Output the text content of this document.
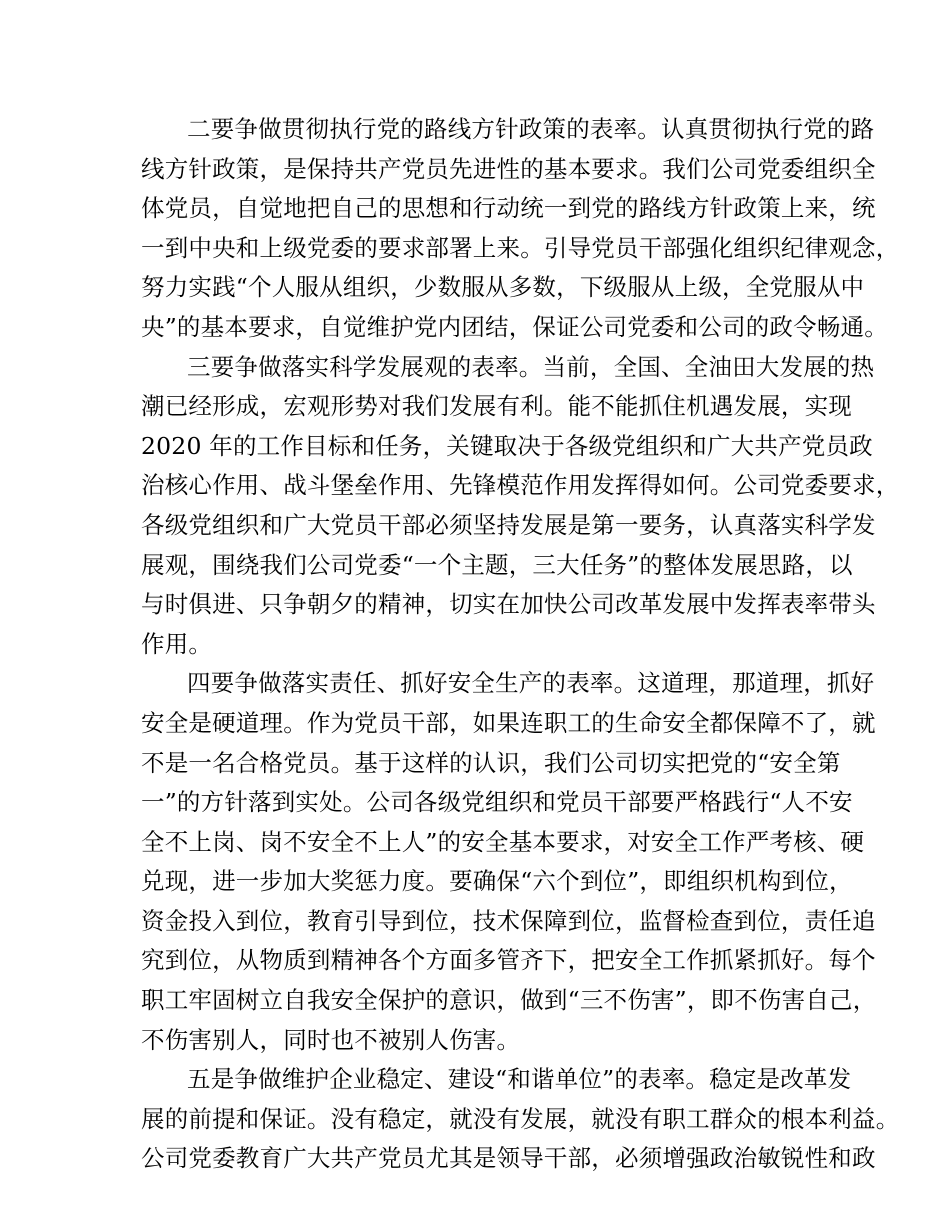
二要争做贯彻执行党的路线方针政策的表率。认真贯彻执行党的路
线方针政策，是保持共产党员先进性的基本要求。我们公司党委组织全
体党员，自觉地把自己的思想和行动统一到党的路线方针政策上来，统
一到中央和上级党委的要求部署上来。引导党员干部强化组织纪律观念，
努力实践“个人服从组织，少数服从多数，下级服从上级，全党服从中
央”的基本要求，自觉维护党内团结，保证公司党委和公司的政令畅通。
三要争做落实科学发展观的表率。当前，全国、全油田大发展的热
潮已经形成，宏观形势对我们发展有利。能不能抓住机遇发展，实现
2020 年的工作目标和任务，关键取决于各级党组织和广大共产党员政
治核心作用、战斗堡垒作用、先锋模范作用发挥得如何。公司党委要求，
各级党组织和广大党员干部必须坚持发展是第一要务，认真落实科学发
展观，围绕我们公司党委“一个主题，三大任务”的整体发展思路，以
与时俱进、只争朝夕的精神，切实在加快公司改革发展中发挥表率带头
作用。
四要争做落实责任、抓好安全生产的表率。这道理，那道理，抓好
安全是硬道理。作为党员干部，如果连职工的生命安全都保障不了，就
不是一名合格党员。基于这样的认识，我们公司切实把党的“安全第
一”的方针落到实处。公司各级党组织和党员干部要严格践行“人不安
全不上岗、岗不安全不上人”的安全基本要求，对安全工作严考核、硬
兑现，进一步加大奖惩力度。要确保“六个到位”，即组织机构到位，
资金投入到位，教育引导到位，技术保障到位，监督检查到位，责任追
究到位，从物质到精神各个方面多管齐下，把安全工作抓紧抓好。每个
职工牢固树立自我安全保护的意识，做到“三不伤害”，即不伤害自己，
不伤害别人，同时也不被别人伤害。
五是争做维护企业稳定、建设“和谐单位”的表率。稳定是改革发
展的前提和保证。没有稳定，就没有发展，就没有职工群众的根本利益。
公司党委教育广大共产党员尤其是领导干部，必须增强政治敏锐性和政
